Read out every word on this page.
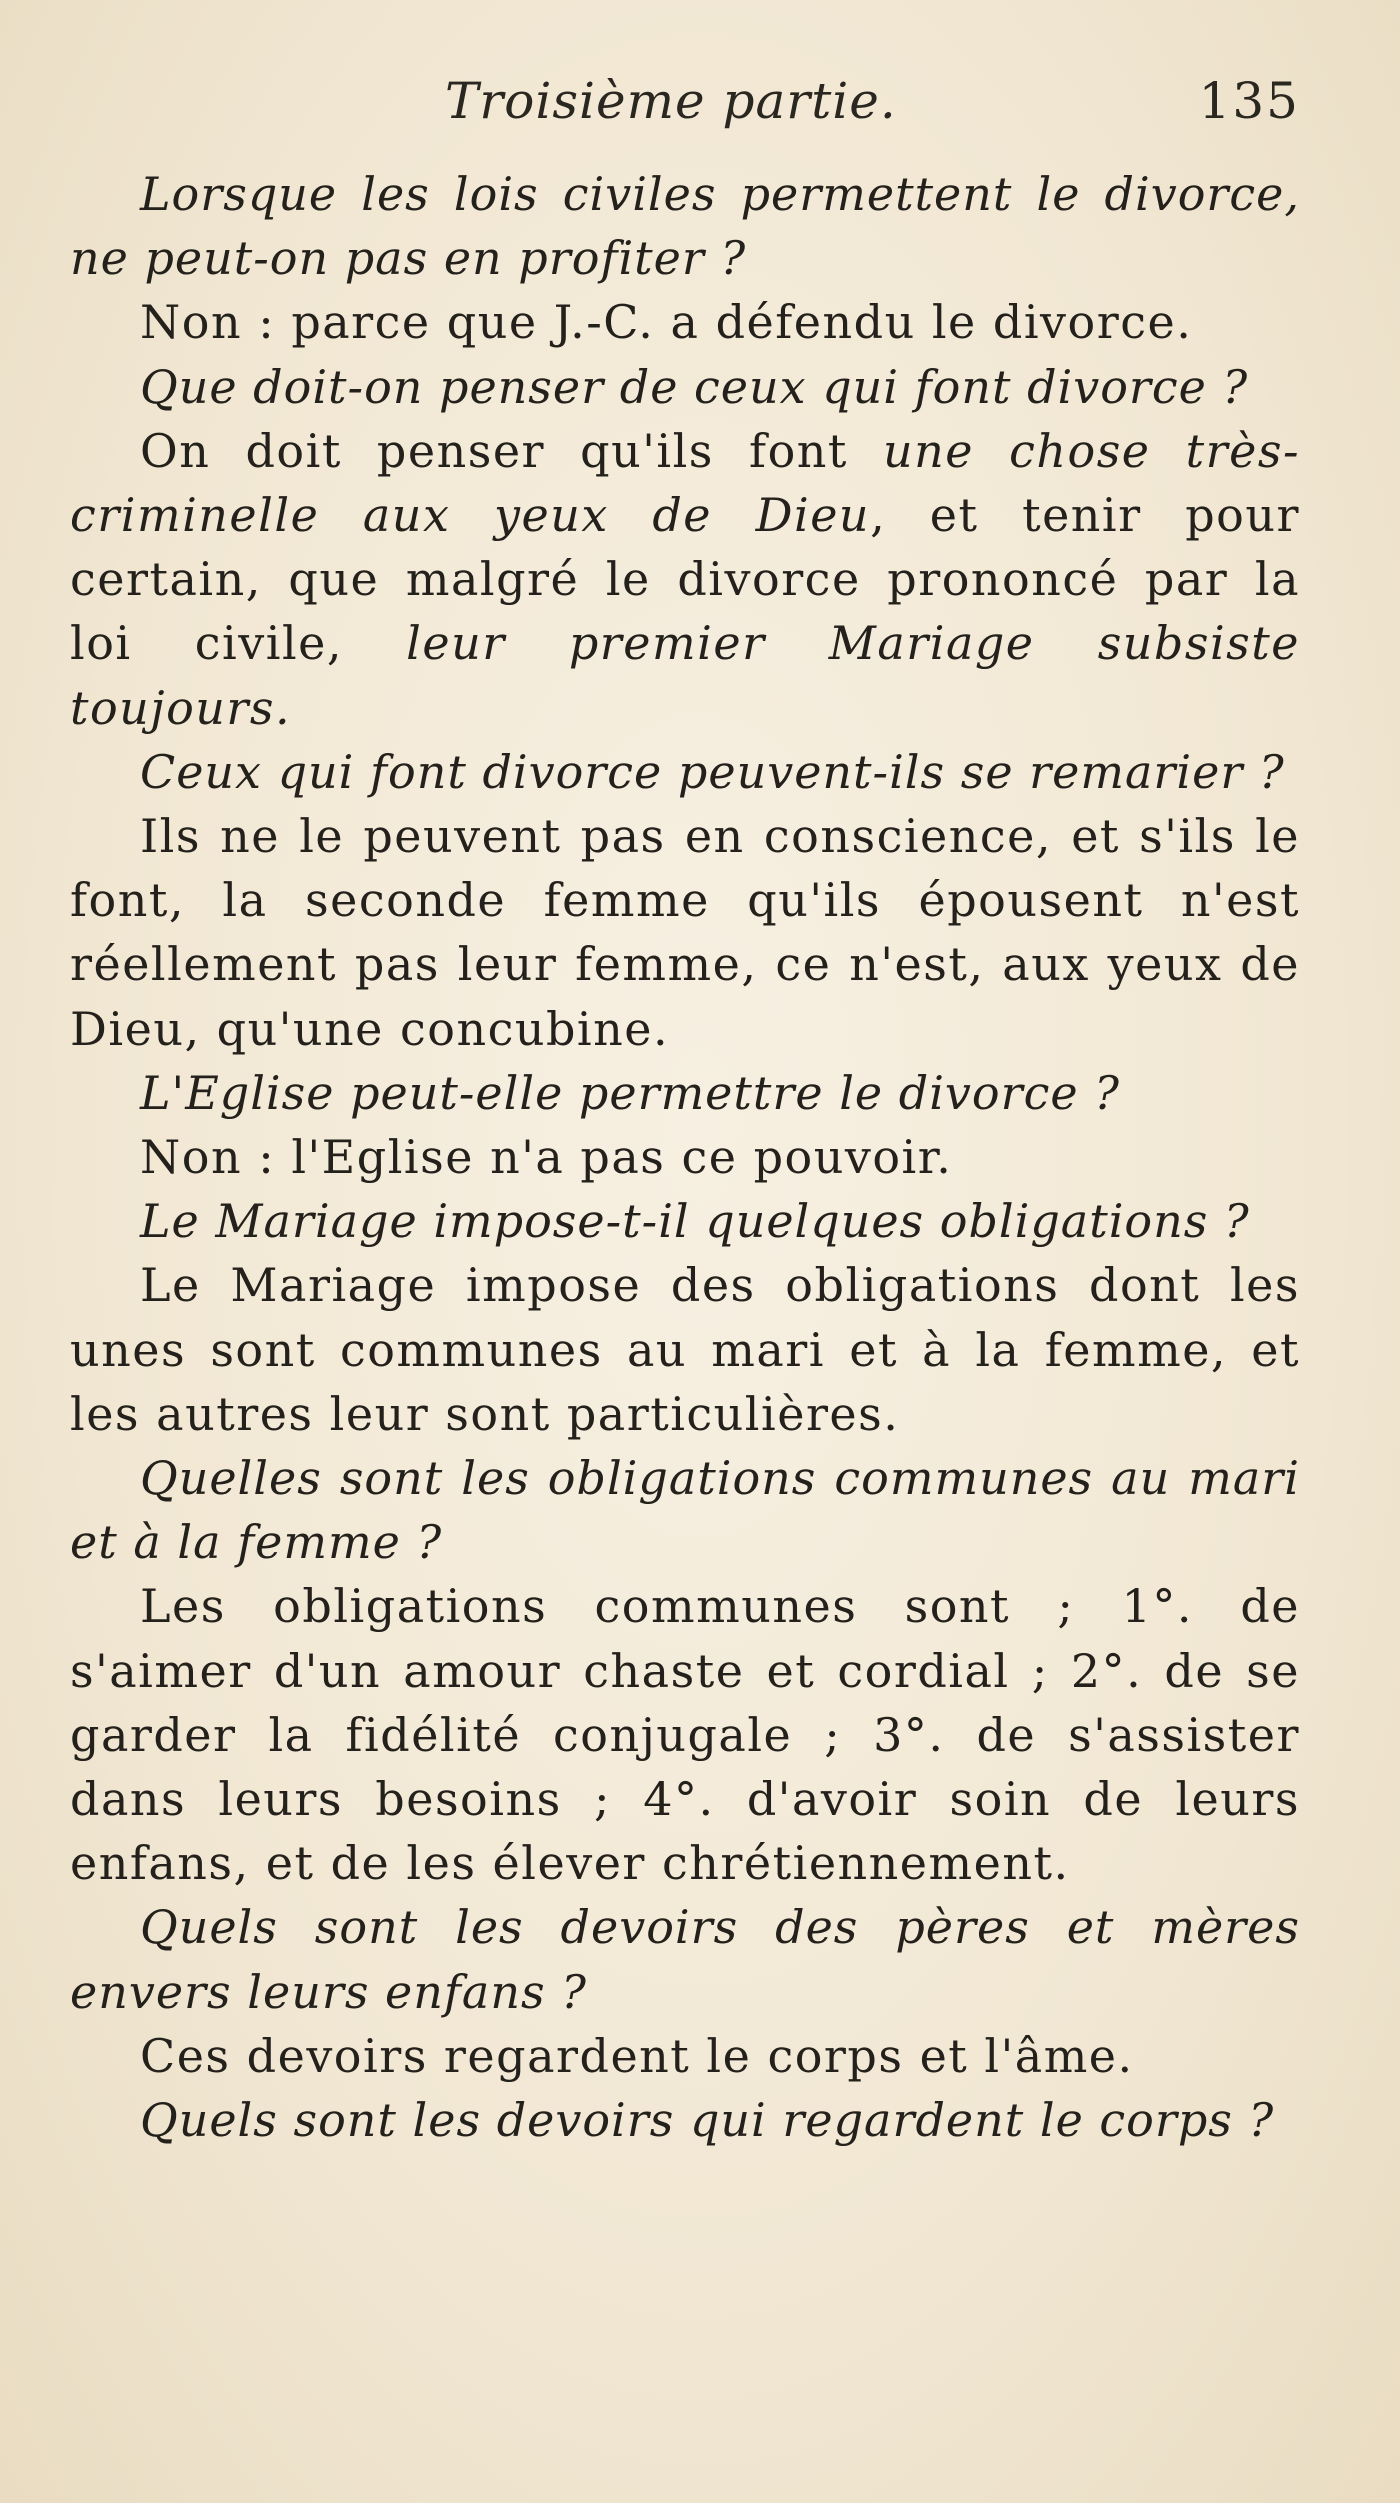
Troisième partie.	135

Lorsque les lois civiles permettent le divorce, ne peut-on pas en profiter ?

Non : parce que J.-C. a défendu le divorce.

Que doit-on penser de ceux qui font divorce ?

On doit penser qu'ils font une chose très-criminelle aux yeux de Dieu, et tenir pour certain, que malgré le divorce prononcé par la loi civile, leur premier Mariage subsiste toujours.

Ceux qui font divorce peuvent-ils se remarier ?

Ils ne le peuvent pas en conscience, et s'ils le font, la seconde femme qu'ils épousent n'est réellement pas leur femme, ce n'est, aux yeux de Dieu, qu'une concubine.

L'Eglise peut-elle permettre le divorce ?

Non : l'Eglise n'a pas ce pouvoir.

Le Mariage impose-t-il quelques obligations ?

Le Mariage impose des obligations dont les unes sont communes au mari et à la femme, et les autres leur sont particulières.

Quelles sont les obligations communes au mari et à la femme ?

Les obligations communes sont ; 1°. de s'aimer d'un amour chaste et cordial ; 2°. de se garder la fidélité conjugale ; 3°. de s'assister dans leurs besoins ; 4°. d'avoir soin de leurs enfans, et de les élever chrétiennement.

Quels sont les devoirs des pères et mères envers leurs enfans ?

Ces devoirs regardent le corps et l'âme.

Quels sont les devoirs qui regardent le corps ?
